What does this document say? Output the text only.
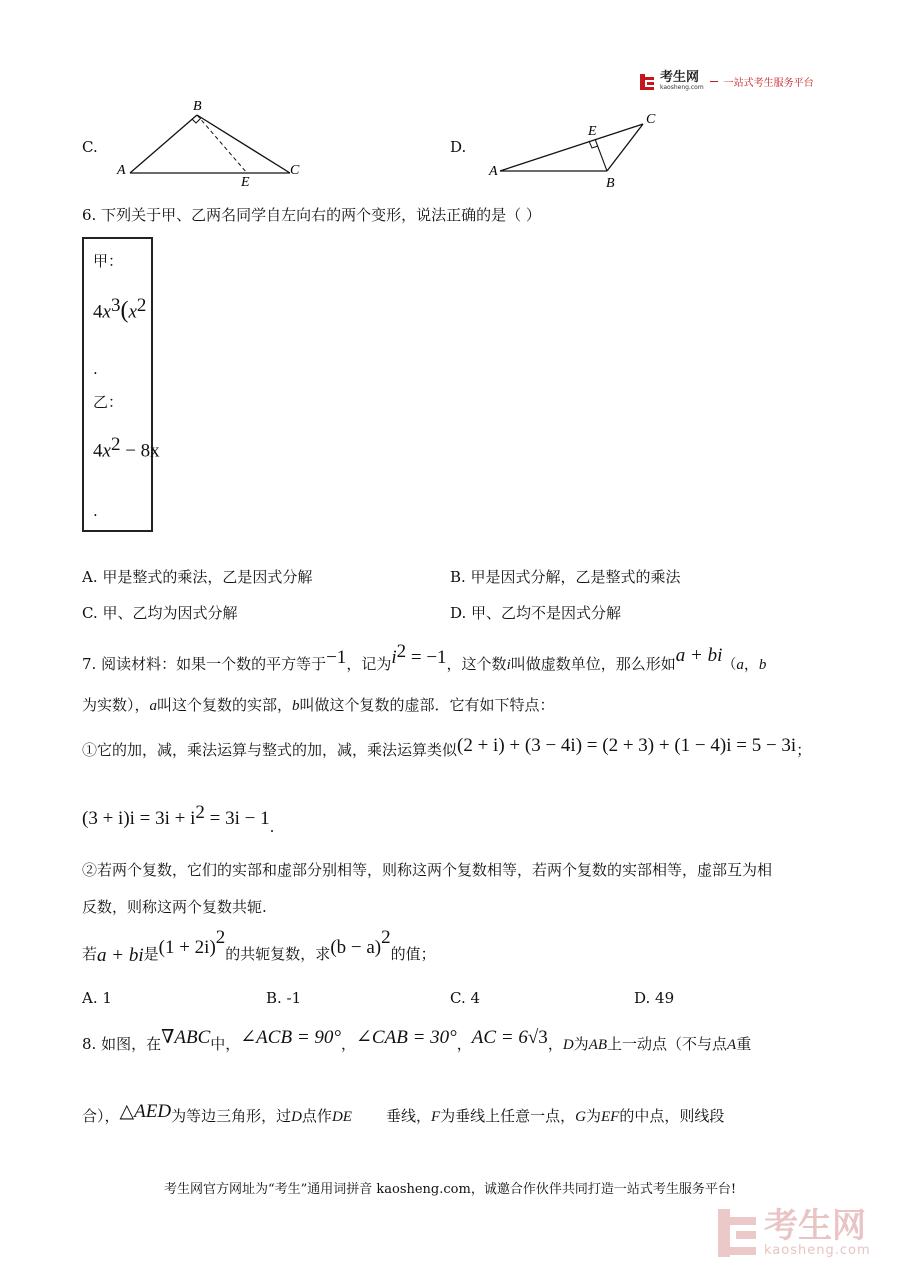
考生网
kaosheng.com 一站式考生服务平台
C.
B
A
E
C
D.
C
E
A
B
6. 下列关于甲、乙两名同学自左向右的两个变形，说法正确的是（ ）
甲：
$4x^3(x^2$
.
乙：
$4x^2 - 8x$
.
A. 甲是整式的乘法，乙是因式分解	B. 甲是因式分解，乙是整式的乘法
C. 甲、乙均为因式分解	D. 甲、乙均不是因式分解
7. 阅读材料：如果一个数的平方等于−1，记为$i^2 = -1$，这个数i叫做虚数单位，那么形如a + bi（a，b
为实数），a叫这个复数的实部，b叫做这个复数的虚部．它有如下特点：
①它的加，减，乘法运算与整式的加，减，乘法运算类似(2 + i) + (3 − 4i) = (2 + 3) + (1 − 4)i = 5 − 3i；
$(3 + i)i = 3i + i^2 = 3i - 1$.
②若两个复数，它们的实部和虚部分别相等，则称这两个复数相等，若两个复数的实部相等，虚部互为相
反数，则称这两个复数共轭.
若a + bi是$(1 + 2i)^2$的共轭复数，求$(b - a)^2$的值；
A. 1	B. -1	C. 4	D. 49
8. 如图，在∇ABC中，∠ACB = 90°，∠CAB = 30°，AC = 6√3，D为AB上一动点（不与点A重
合），△AED为等边三角形，过D点作DE 垂线，F为垂线上任意一点，G为EF的中点，则线段
考生网官方网址为“考生”通用词拼音 kaosheng.com，诚邀合作伙伴共同打造一站式考生服务平台!
考生网
kaosheng.com
